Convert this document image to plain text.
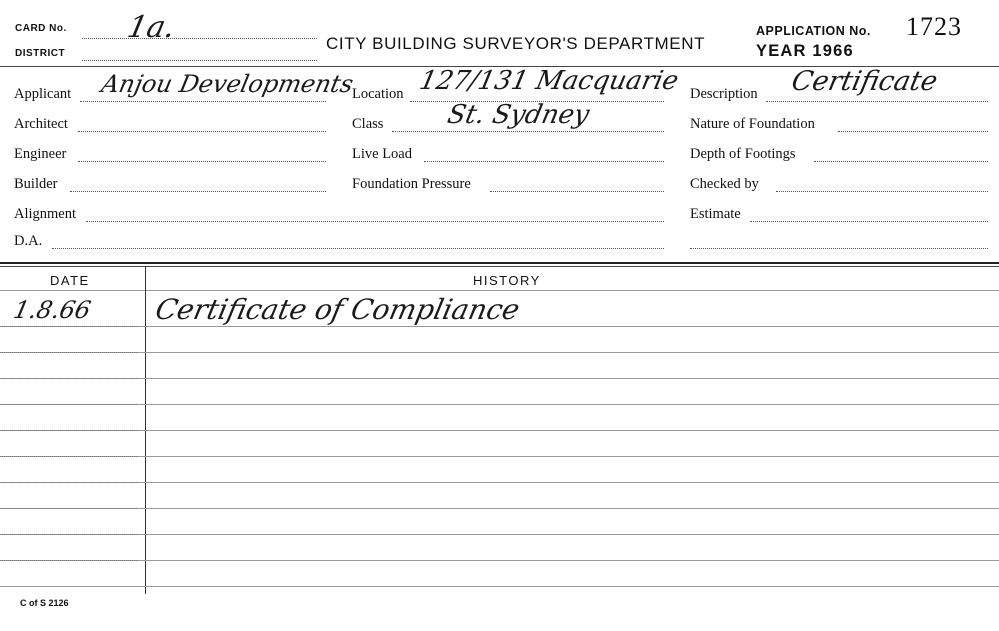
CARD No. 1a.
DISTRICT
CITY BUILDING SURVEYOR'S DEPARTMENT
APPLICATION No. 1723
YEAR 1966
Applicant Anjou Developments
Architect
Engineer
Builder
Alignment
D.A.
Location 127/131 Macquarie
St. Sydney
Class
Live Load
Foundation Pressure
Description Certificate
Nature of Foundation
Depth of Footings
Checked by
Estimate
DATE	HISTORY
1.8.66 Certificate of Compliance
C of S 2126
